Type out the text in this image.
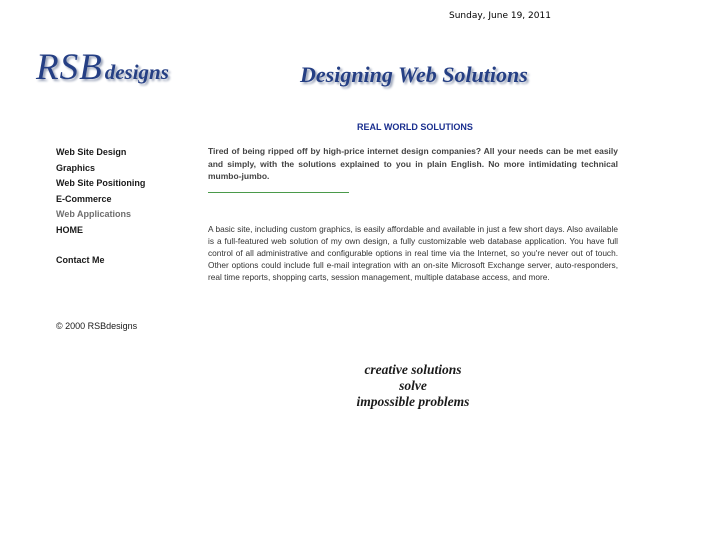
Sunday, June 19, 2011
RSBdesigns	Designing Web Solutions
REAL WORLD SOLUTIONS
Web Site Design
Graphics
Web Site Positioning
E-Commerce
Web Applications
HOME
Contact Me
© 2000 RSBdesigns

Tired of being ripped off by high-price internet design companies? All your needs can be met easily and simply, with the solutions explained to you in plain English. No more intimidating technical mumbo-jumbo.

A basic site, including custom graphics, is easily affordable and available in just a few short days. Also available is a full-featured web solution of my own design, a fully customizable web database application. You have full control of all administrative and configurable options in real time via the Internet, so you're never out of touch. Other options could include full e-mail integration with an on-site Microsoft Exchange server, auto-responders, real time reports, shopping carts, session management, multiple database access, and more.

creative solutions
solve
impossible problems
